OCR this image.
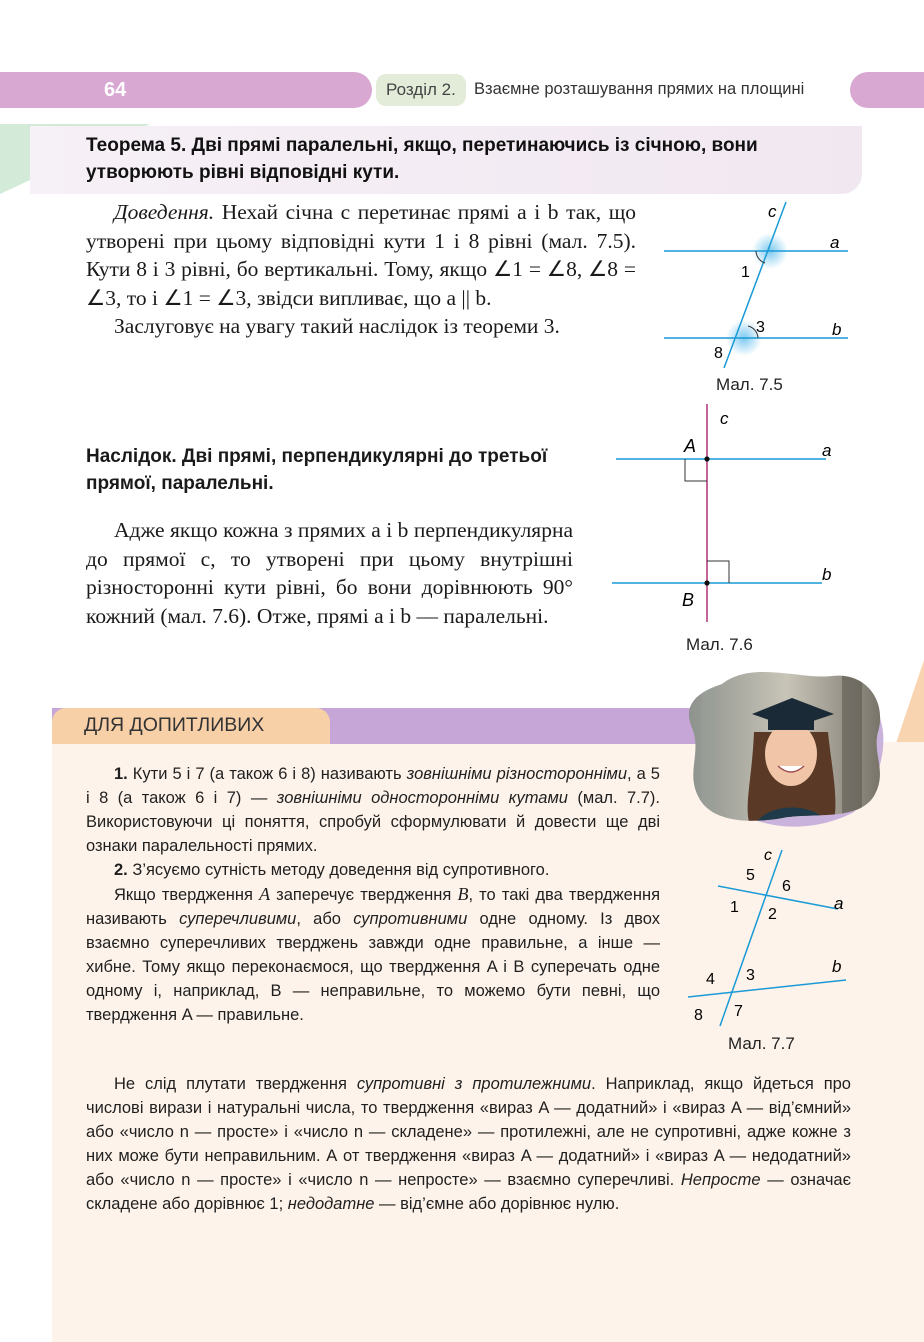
64	Розділ 2.	Взаємне розташування прямих на площині
Теорема 5. Дві прямі паралельні, якщо, перетинаючись із січною, вони утворюють рівні відповідні кути.

Доведення. Нехай січна c перетинає прямі a і b так, що утворені при цьому відповідні кути 1 і 8 рівні (мал. 7.5). Кути 8 і 3 рівні, бо вертикальні. Тому, якщо ∠1 = ∠8, ∠8 = ∠3, то і ∠1 = ∠3, звідси випливає, що a || b.

Заслуговує на увагу такий наслідок із теореми 3.

c
a
b
1
3
8
Мал. 7.5
Наслідок. Дві прямі, перпендикулярні до третьої прямої, паралельні.

Адже якщо кожна з прямих a і b перпендикулярна до прямої c, то утворені при цьому внутрішні різносторонні кути рівні, бо вони дорівнюють 90° кожний (мал. 7.6). Отже, прямі a і b — паралельні.

c
a
b
A
B
Мал. 7.6
ДЛЯ ДОПИТЛИВИХ

1. Кути 5 і 7 (а також 6 і 8) називають зовнішніми різносторонніми, а 5 і 8 (а також 6 і 7) — зовнішніми односторонніми кутами (мал. 7.7). Використовуючи ці поняття, спробуй сформулювати й довести ще дві ознаки паралельності прямих.

2. З’ясуємо сутність методу доведення від супротивного.

Якщо твердження A заперечує твердження B, то такі два твердження називають суперечливими, або супротивними одне одному. Із двох взаємно суперечливих тверджень завжди одне правильне, а інше — хибне. Тому якщо переконаємося, що твердження A і B суперечать одне одному і, наприклад, B — неправильне, то можемо бути певні, що твердження A — правильне.

c
a
b
5
6
1 2
4 3
7
8
Мал. 7.7

Не слід плутати твердження супротивні з протилежними. Наприклад, якщо йдеться про числові вирази і натуральні числа, то твердження «вираз A — додатний» і «вираз A — від’ємний» або «число n — просте» і «число n — складене» — протилежні, але не супротивні, адже кожне з них може бути неправильним. А от твердження «вираз A — додатний» і «вираз A — недодатний» або «число n — просте» і «число n — непросте» — взаємно суперечливі. Непросте — означає складене або дорівнює 1; недодатне — від’ємне або дорівнює нулю.
